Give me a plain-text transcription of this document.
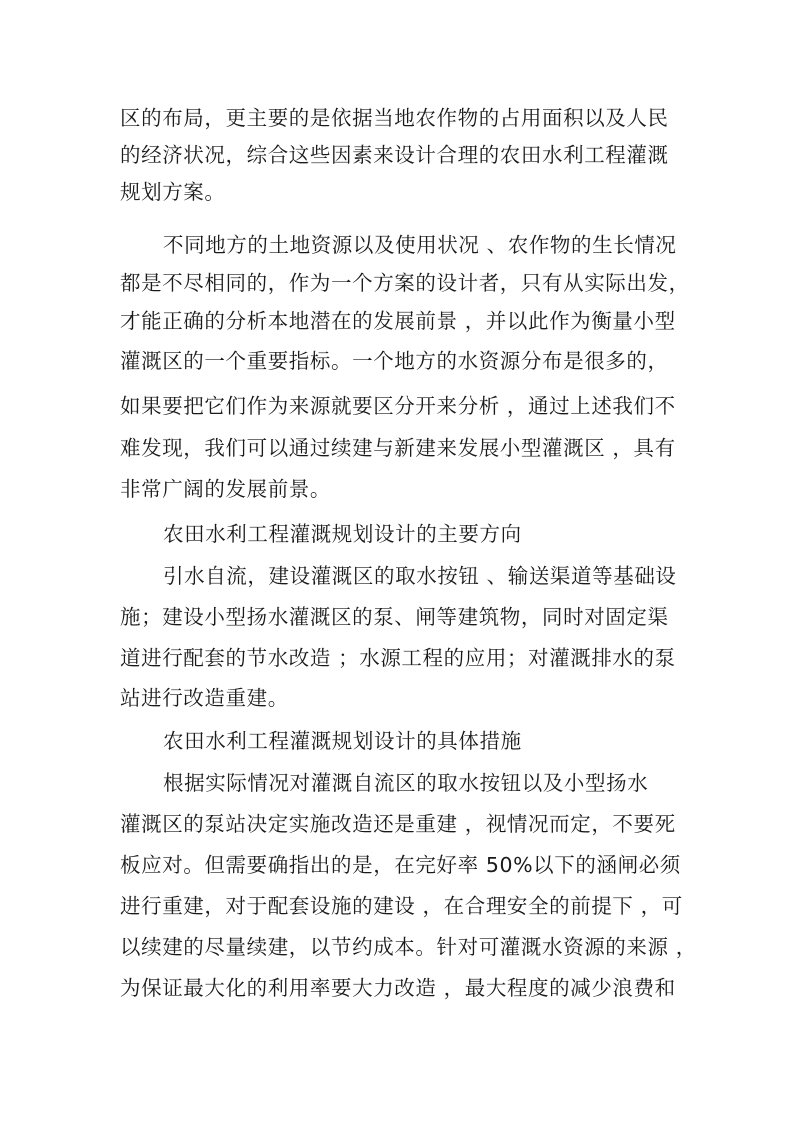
区的布局，更主要的是依据当地农作物的占用面积以及人民
的经济状况，综合这些因素来设计合理的农田水利工程灌溉
规划方案。
不同地方的土地资源以及使用状况 、农作物的生长情况
都是不尽相同的，作为一个方案的设计者，只有从实际出发，
才能正确的分析本地潜在的发展前景 ，并以此作为衡量小型
灌溉区的一个重要指标。一个地方的水资源分布是很多的，
如果要把它们作为来源就要区分开来分析 ，通过上述我们不
难发现，我们可以通过续建与新建来发展小型灌溉区 ，具有
非常广阔的发展前景。
农田水利工程灌溉规划设计的主要方向
引水自流，建设灌溉区的取水按钮 、输送渠道等基础设
施；建设小型扬水灌溉区的泵、闸等建筑物，同时对固定渠
道进行配套的节水改造 ；水源工程的应用；对灌溉排水的泵
站进行改造重建。
农田水利工程灌溉规划设计的具体措施
根据实际情况对灌溉自流区的取水按钮以及小型扬水
灌溉区的泵站决定实施改造还是重建 ，视情况而定，不要死
板应对。但需要确指出的是，在完好率 50%以下的涵闸必须
进行重建，对于配套设施的建设 ，在合理安全的前提下 ，可
以续建的尽量续建，以节约成本。针对可灌溉水资源的来源 ，
为保证最大化的利用率要大力改造 ，最大程度的减少浪费和
